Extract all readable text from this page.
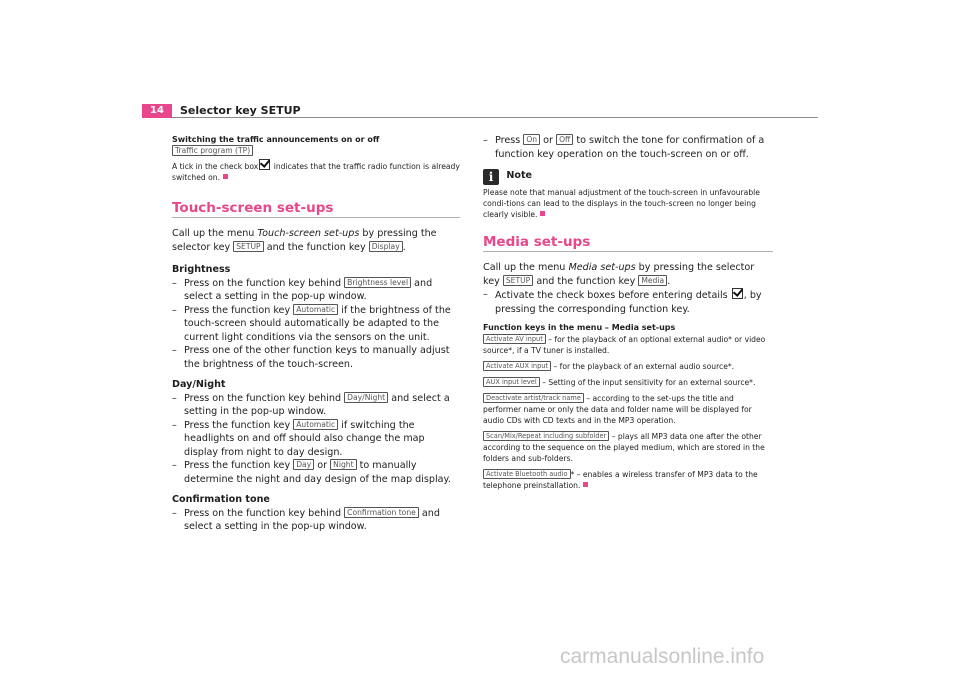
14	Selector key SETUP
Switching the traffic announcements on or off Traffic program (TP)
A tick in the check box indicates that the traffic radio function is already switched on.
Touch-screen set-ups
Call up the menu Touch-screen set-ups by pressing the selector key SETUP and the function key Display .
Brightness
– Press on the function key behind Brightness level and select a setting in the pop-up window.
– Press the function key Automatic if the brightness of the touch-screen should automatically be adapted to the current light conditions via the sensors on the unit.
– Press one of the other function keys to manually adjust the brightness of the touch-screen.
Day/Night
– Press on the function key behind Day/Night and select a setting in the pop-up window.
– Press the function key Automatic if switching the headlights on and off should also change the map display from night to day design.
– Press the function key Day or Night to manually determine the night and day design of the map display.
Confirmation tone
– Press on the function key behind Confirmation tone and select a setting in the pop-up window.
– Press On or Off to switch the tone for confirmation of a function key operation on the touch-screen on or off.
i Note
Please note that manual adjustment of the touch-screen in unfavourable condi-tions can lead to the displays in the touch-screen no longer being clearly visible.
Media set-ups
Call up the menu Media set-ups by pressing the selector key SETUP and the function key Media .
– Activate the check boxes before entering details , by pressing the corresponding function key.
Function keys in the menu – Media set-ups
Activate AV input – for the playback of an optional external audio* or video source*, if a TV tuner is installed.
Activate AUX input – for the playback of an external audio source*.
AUX input level – Setting of the input sensitivity for an external source*.
Deactivate artist/track name – according to the set-ups the title and performer name or only the data and folder name will be displayed for audio CDs with CD texts and in the MP3 operation.
Scan/Mix/Repeat including subfolder – plays all MP3 data one after the other according to the sequence on the played medium, which are stored in the folders and sub-folders.
Activate Bluetooth audio * – enables a wireless transfer of MP3 data to the telephone preinstallation.
carmanualsonline.info
